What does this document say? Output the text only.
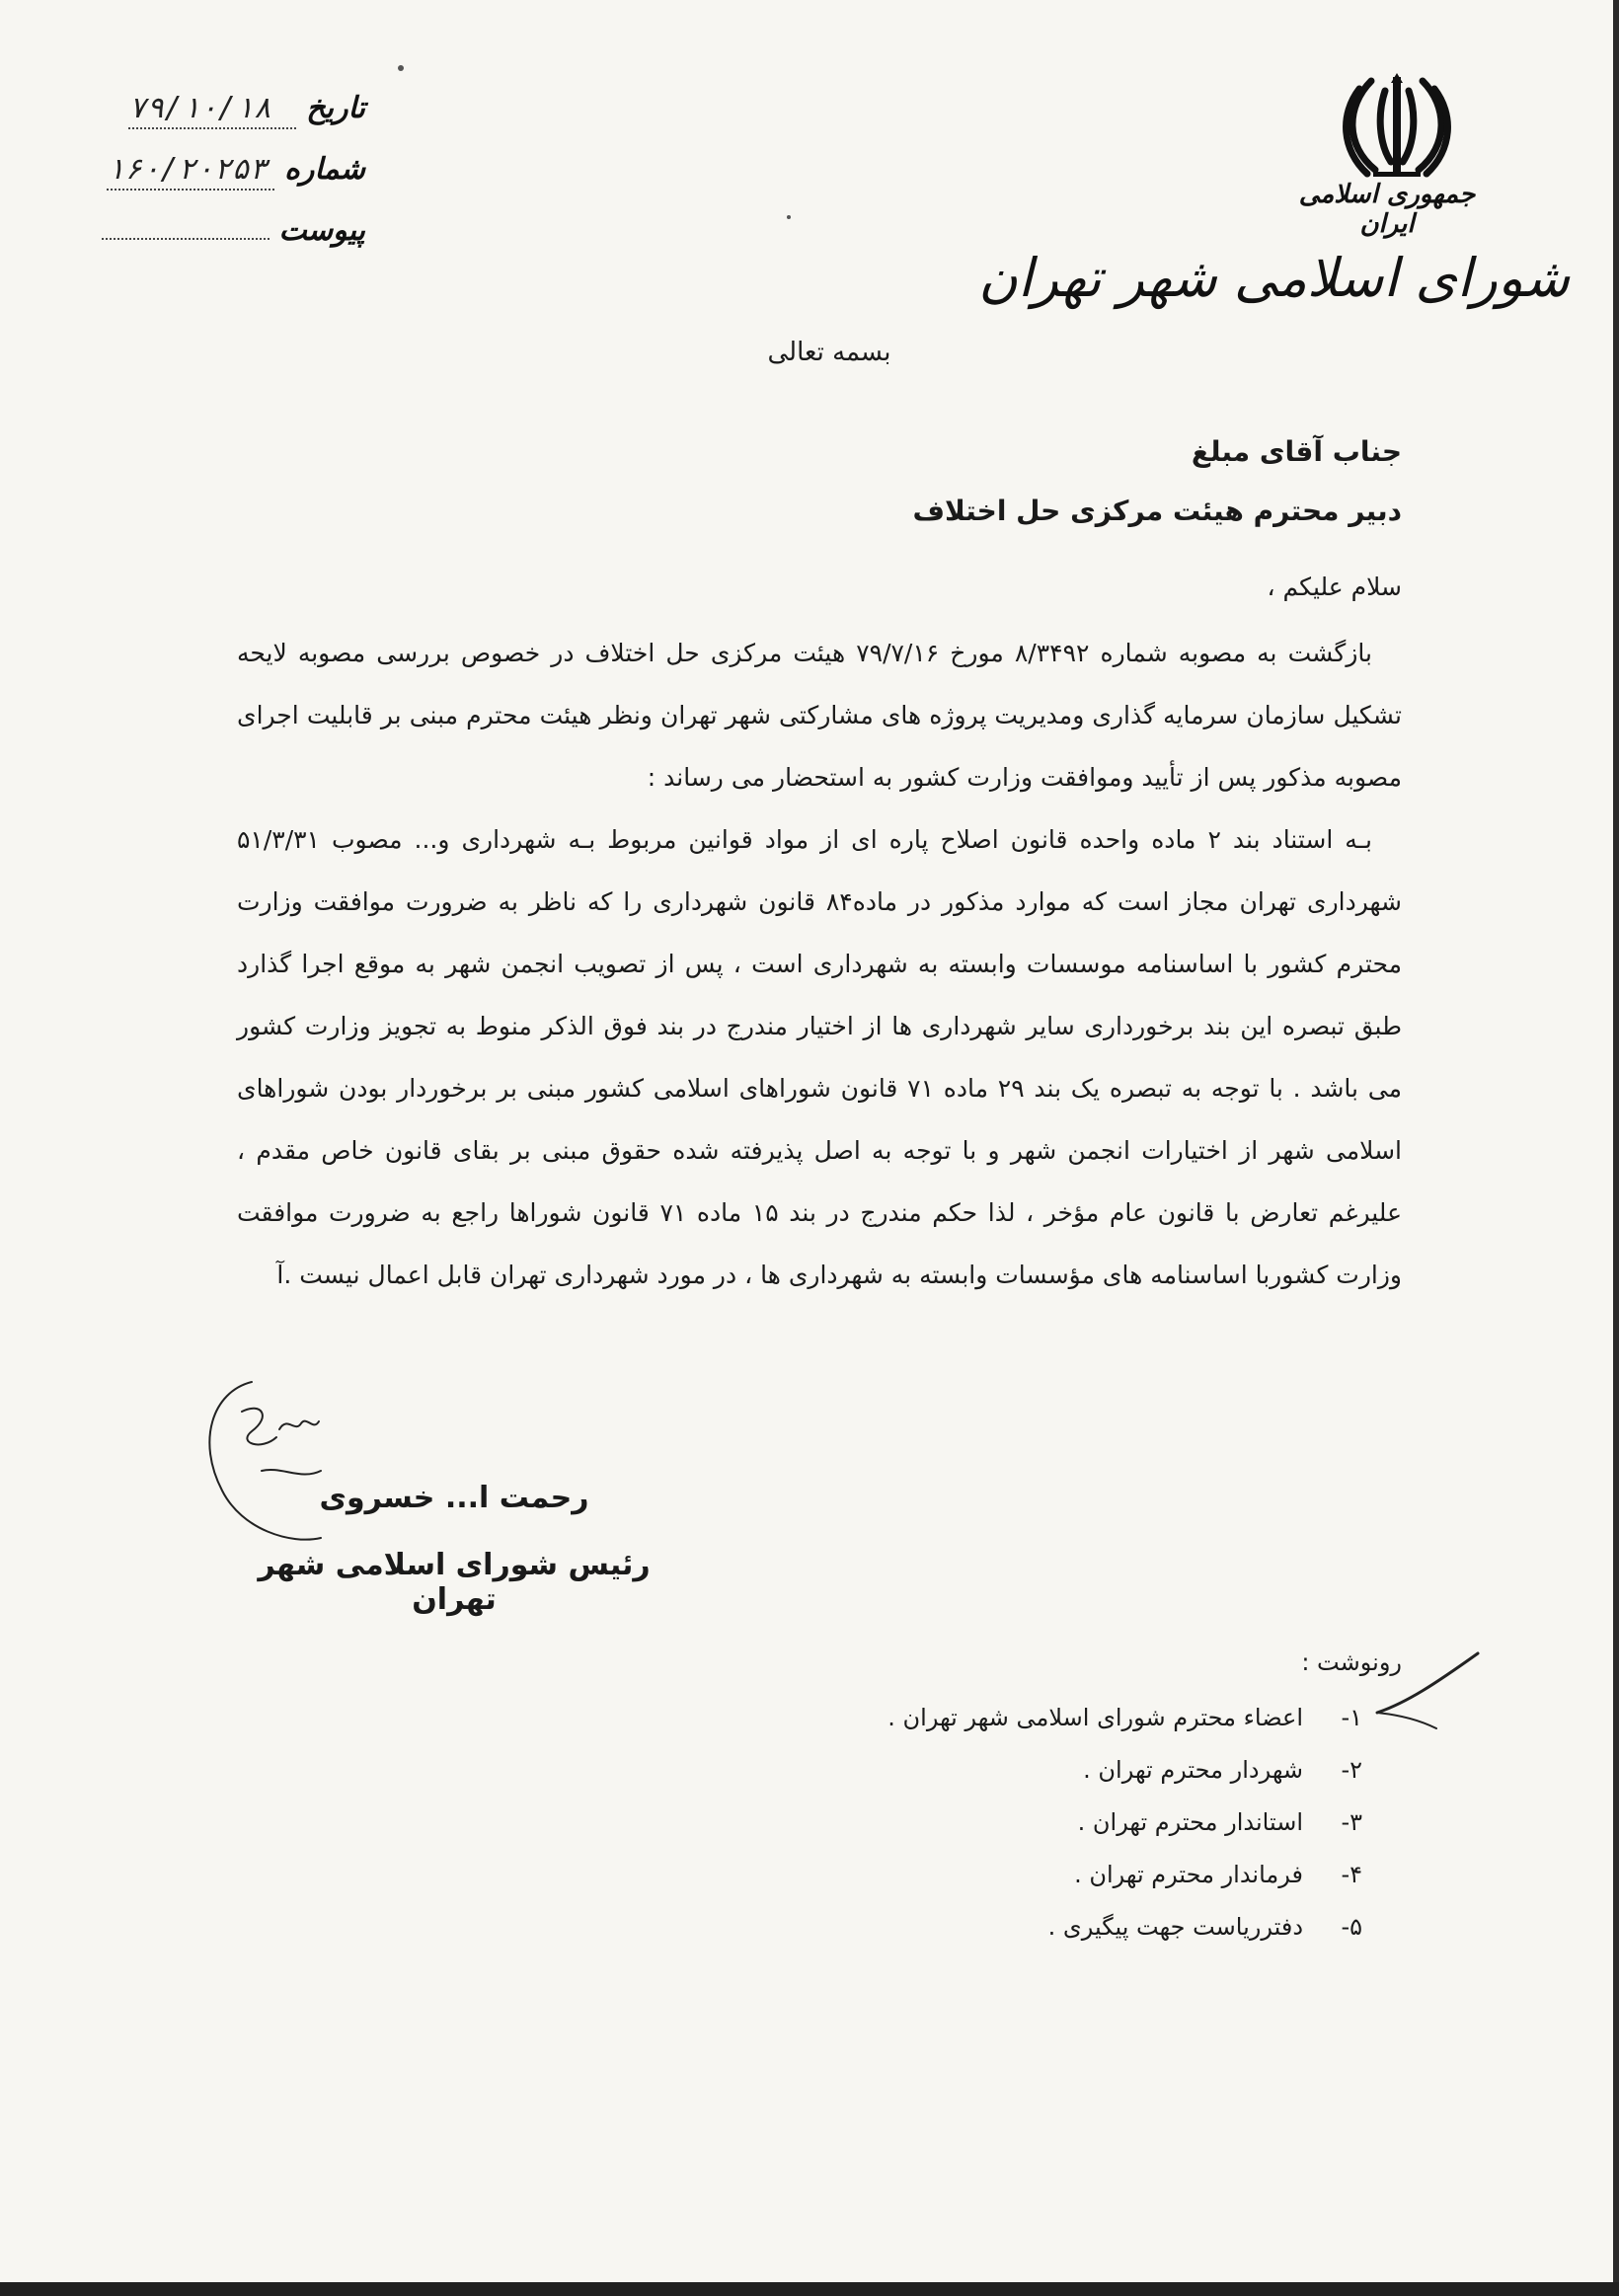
جمهوری اسلامی ایران
شورای اسلامی شهر تهران
تاریخ
۷۹/۱۰/۱۸
شماره
۱۶۰/۲۰۲۵۳
پیوست
بسمه تعالی
جناب آقای مبلغ
دبیر محترم هیئت مرکزی حل اختلاف
سلام علیکم ،

بازگشت به مصوبه شماره ۸/۳۴۹۲ مورخ ۷۹/۷/۱۶ هیئت مرکزی حل اختلاف در خصوص بررسی مصوبه لایحه تشکیل سازمان سرمایه گذاری ومدیریت پروژه های مشارکتی شهر تهران ونظر هیئت محترم مبنی بر قابلیت اجرای مصوبه مذکور پس از تأیید وموافقت وزارت کشور به استحضار می رساند :

بـه استناد بند ۲ ماده واحده قانون اصلاح پاره ای از مواد قوانین مربوط بـه شهرداری و... مصوب ۵۱/۳/۳۱ شهرداری تهران مجاز است که موارد مذکور در ماده۸۴ قانون شهرداری را که ناظر به ضرورت موافقت وزارت محترم کشور با اساسنامه موسسات وابسته به شهرداری است ، پس از تصویب انجمن شهر به موقع اجرا گذارد طبق تبصره این بند برخورداری سایر شهرداری ها از اختیار مندرج در بند فوق الذکر منوط به تجویز وزارت کشور می باشد . با توجه به تبصره یک بند ۲۹ ماده ۷۱ قانون شوراهای اسلامی کشور مبنی بر برخوردار بودن شوراهای اسلامی شهر از اختیارات انجمن شهر و با توجه به اصل پذیرفته شده حقوق مبنی بر بقای قانون خاص مقدم ، علیرغم تعارض با قانون عام مؤخر ، لذا حکم مندرج در بند ۱۵ ماده ۷۱ قانون شوراها راجع به ضرورت موافقت وزارت کشوربا اساسنامه های مؤسسات وابسته به شهرداری ها ، در مورد شهرداری تهران قابل اعمال نیست .آ

رحمت ا... خسروی
رئیس شورای اسلامی شهر تهران
رونوشت :
۱-
اعضاء محترم شورای اسلامی شهر تهران .
۲-
شهردار محترم تهران .
۳-
استاندار محترم تهران .
۴-
فرماندار محترم تهران .
۵-
دفترریاست جهت پیگیری .
